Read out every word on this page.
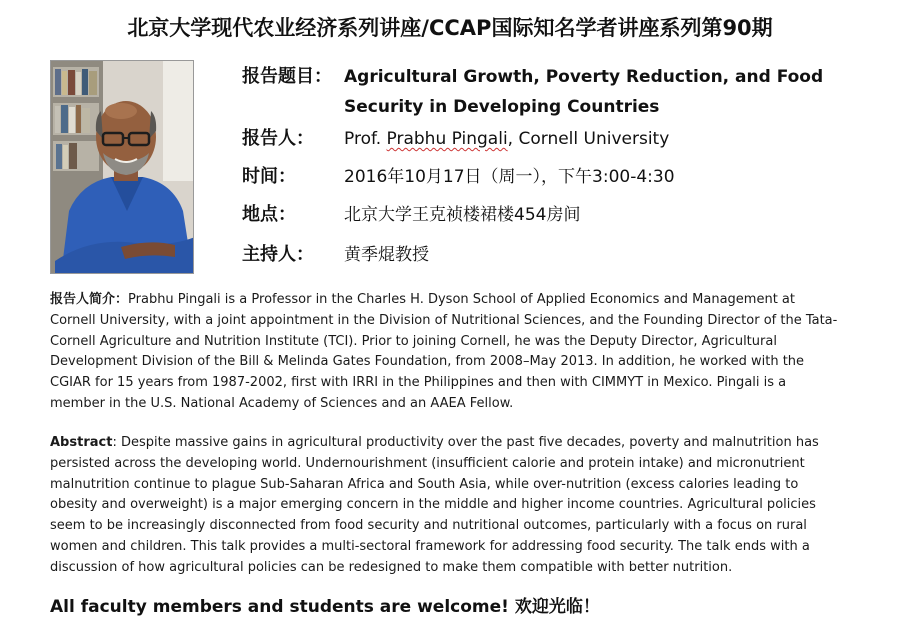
北京大学现代农业经济系列讲座/CCAP国际知名学者讲座系列第90期
报告题目： Agricultural Growth, Poverty Reduction, and Food
Security in Developing Countries
报告人：	Prof. Prabhu Pingali, Cornell University
时间：	2016年10月17日（周一），下午3:00-4:30
地点：	北京大学王克祯楼裙楼454房间
主持人：	黄季焜教授
报告人简介：Prabhu Pingali is a Professor in the Charles H. Dyson School of Applied Economics and Management at Cornell University, with a joint appointment in the Division of Nutritional Sciences, and the Founding Director of the Tata-Cornell Agriculture and Nutrition Institute (TCI). Prior to joining Cornell, he was the Deputy Director, Agricultural Development Division of the Bill & Melinda Gates Foundation, from 2008–May 2013. In addition, he worked with the CGIAR for 15 years from 1987-2002, first with IRRI in the Philippines and then with CIMMYT in Mexico. Pingali is a member in the U.S. National Academy of Sciences and an AAEA Fellow.
Abstract: Despite massive gains in agricultural productivity over the past five decades, poverty and malnutrition has persisted across the developing world. Undernourishment (insufficient calorie and protein intake) and micronutrient malnutrition continue to plague Sub-Saharan Africa and South Asia, while over-nutrition (excess calories leading to obesity and overweight) is a major emerging concern in the middle and higher income countries. Agricultural policies seem to be increasingly disconnected from food security and nutritional outcomes, particularly with a focus on rural women and children. This talk provides a multi-sectoral framework for addressing food security. The talk ends with a discussion of how agricultural policies can be redesigned to make them compatible with better nutrition.
All faculty members and students are welcome! 欢迎光临！
